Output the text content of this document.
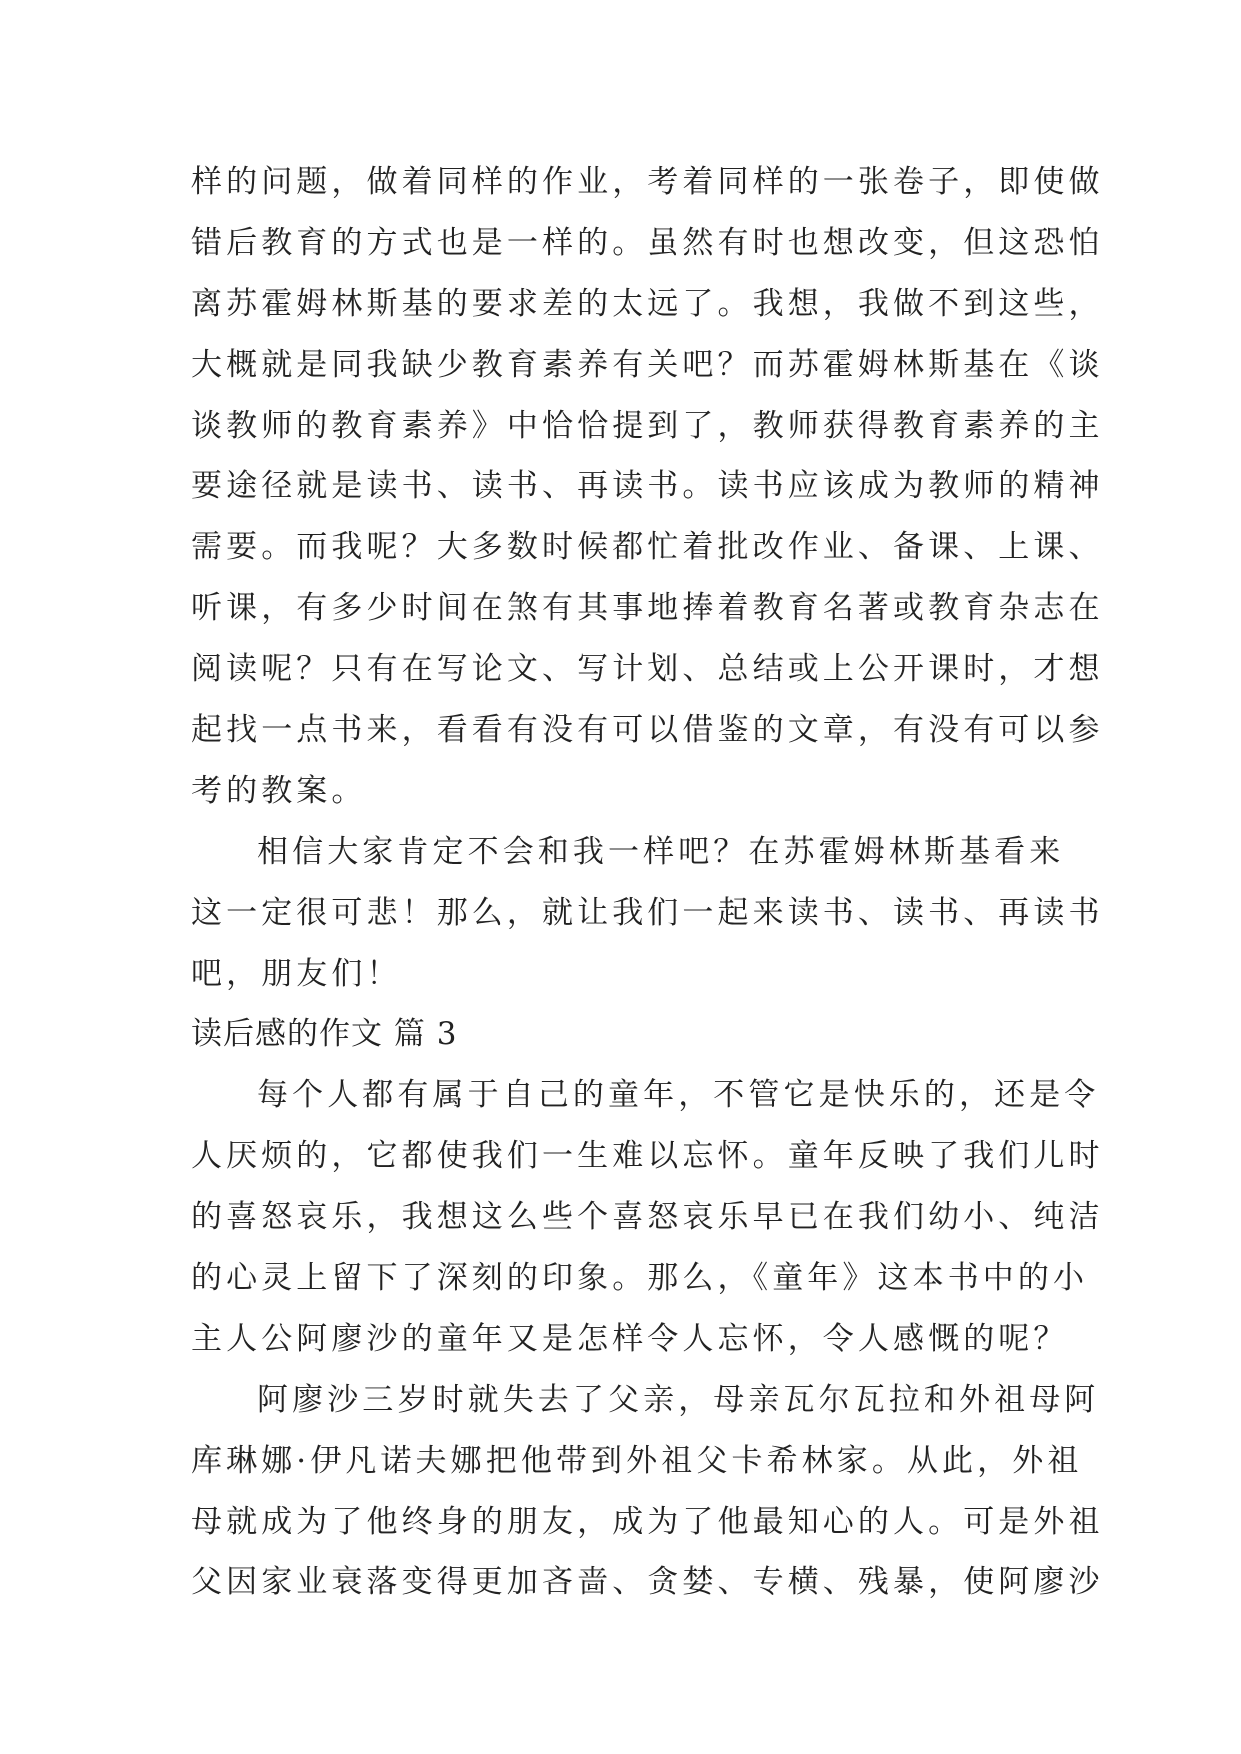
样的问题，做着同样的作业，考着同样的一张卷子，即使做
错后教育的方式也是一样的。虽然有时也想改变，但这恐怕
离苏霍姆林斯基的要求差的太远了。我想，我做不到这些，
大概就是同我缺少教育素养有关吧？而苏霍姆林斯基在《谈
谈教师的教育素养》中恰恰提到了，教师获得教育素养的主
要途径就是读书、读书、再读书。读书应该成为教师的精神
需要。而我呢？大多数时候都忙着批改作业、备课、上课、
听课，有多少时间在煞有其事地捧着教育名著或教育杂志在
阅读呢？只有在写论文、写计划、总结或上公开课时，才想
起找一点书来，看看有没有可以借鉴的文章，有没有可以参
考的教案。
相信大家肯定不会和我一样吧？在苏霍姆林斯基看来
这一定很可悲！那么，就让我们一起来读书、读书、再读书
吧，朋友们！
读后感的作文 篇 3
每个人都有属于自己的童年，不管它是快乐的，还是令
人厌烦的，它都使我们一生难以忘怀。童年反映了我们儿时
的喜怒哀乐，我想这么些个喜怒哀乐早已在我们幼小、纯洁
的心灵上留下了深刻的印象。那么，《童年》这本书中的小
主人公阿廖沙的童年又是怎样令人忘怀，令人感慨的呢？
阿廖沙三岁时就失去了父亲，母亲瓦尔瓦拉和外祖母阿
库琳娜·伊凡诺夫娜把他带到外祖父卡希林家。从此，外祖
母就成为了他终身的朋友，成为了他最知心的人。可是外祖
父因家业衰落变得更加吝啬、贪婪、专横、残暴，使阿廖沙
